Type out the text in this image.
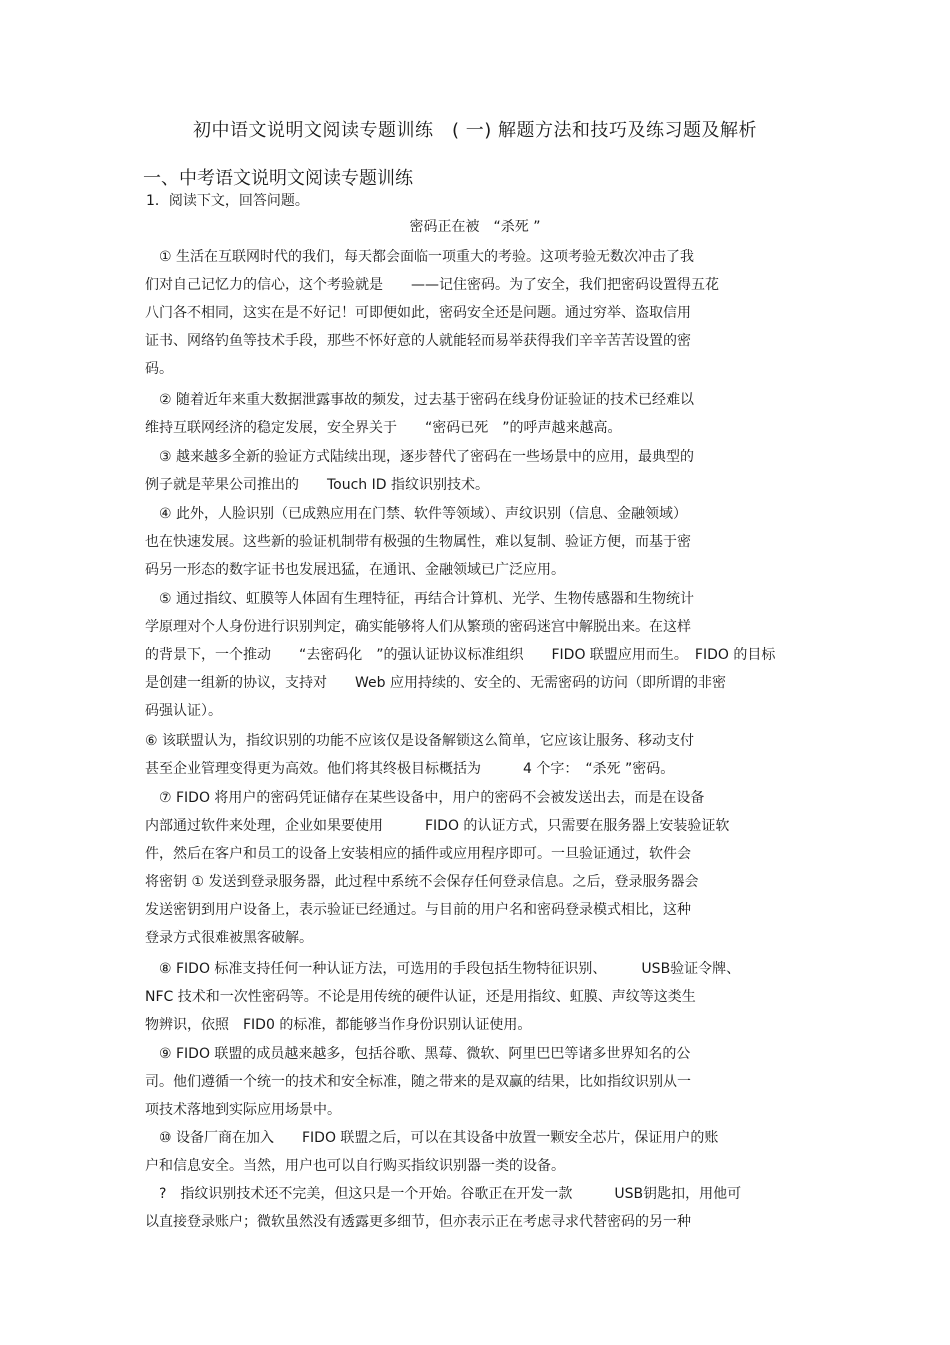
初中语文说明文阅读专题训练　( 一) 解题方法和技巧及练习题及解析
一、中考语文说明文阅读专题训练
1．阅读下文，回答问题。
密码正在被　“杀死 ”
　① 生活在互联网时代的我们，每天都会面临一项重大的考验。这项考验无数次冲击了我
们对自己记忆力的信心，这个考验就是　　——记住密码。为了安全，我们把密码设置得五花
八门各不相同，这实在是不好记！可即便如此，密码安全还是问题。通过穷举、盗取信用
证书、网络钓鱼等技术手段，那些不怀好意的人就能轻而易举获得我们辛辛苦苦设置的密
码。
　② 随着近年来重大数据泄露事故的频发，过去基于密码在线身份证验证的技术已经难以
维持互联网经济的稳定发展，安全界关于　　“密码已死　”的呼声越来越高。
　③ 越来越多全新的验证方式陆续出现，逐步替代了密码在一些场景中的应用，最典型的
例子就是苹果公司推出的　　Touch ID 指纹识别技术。
　④ 此外，人脸识别（已成熟应用在门禁、软件等领域）、声纹识别（信息、金融领域）
也在快速发展。这些新的验证机制带有极强的生物属性，难以复制、验证方便，而基于密
码另一形态的数字证书也发展迅猛，在通讯、金融领域已广泛应用。
　⑤ 通过指纹、虹膜等人体固有生理特征，再结合计算机、光学、生物传感器和生物统计
学原理对个人身份进行识别判定，确实能够将人们从繁琐的密码迷宫中解脱出来。在这样
的背景下，一个推动　　“去密码化　”的强认证协议标准组织　　FIDO 联盟应用而生。　FIDO 的目标
是创建一组新的协议，支持对　　Web 应用持续的、安全的、无需密码的访问（即所谓的非密
码强认证）。
⑥ 该联盟认为，指纹识别的功能不应该仅是设备解锁这么简单，它应该让服务、移动支付
甚至企业管理变得更为高效。他们将其终极目标概括为　　　4 个字：　“杀死 ”密码。
　⑦ FIDO 将用户的密码凭证储存在某些设备中，用户的密码不会被发送出去，而是在设备
内部通过软件来处理，企业如果要使用　　　FIDO 的认证方式，只需要在服务器上安装验证软
件，然后在客户和员工的设备上安装相应的插件或应用程序即可。一旦验证通过，软件会
将密钥 ① 发送到登录服务器，此过程中系统不会保存任何登录信息。之后，登录服务器会
发送密钥到用户设备上，表示验证已经通过。与目前的用户名和密码登录模式相比，这种
登录方式很难被黑客破解。
　⑧ FIDO 标准支持任何一种认证方法，可选用的手段包括生物特征识别、　　　USB验证令牌、
NFC 技术和一次性密码等。不论是用传统的硬件认证，还是用指纹、虹膜、声纹等这类生
物辨识，依照　FID0 的标准，都能够当作身份识别认证使用。
　⑨ FIDO 联盟的成员越来越多，包括谷歌、黑莓、微软、阿里巴巴等诸多世界知名的公
司。他们遵循一个统一的技术和安全标准，随之带来的是双赢的结果，比如指纹识别从一
项技术落地到实际应用场景中。
　⑩ 设备厂商在加入　　FIDO 联盟之后，可以在其设备中放置一颗安全芯片，保证用户的账
户和信息安全。当然，用户也可以自行购买指纹识别器一类的设备。
　?　指纹识别技术还不完美，但这只是一个开始。谷歌正在开发一款　　　USB钥匙扣，用他可
以直接登录账户；微软虽然没有透露更多细节，但亦表示正在考虑寻求代替密码的另一种
